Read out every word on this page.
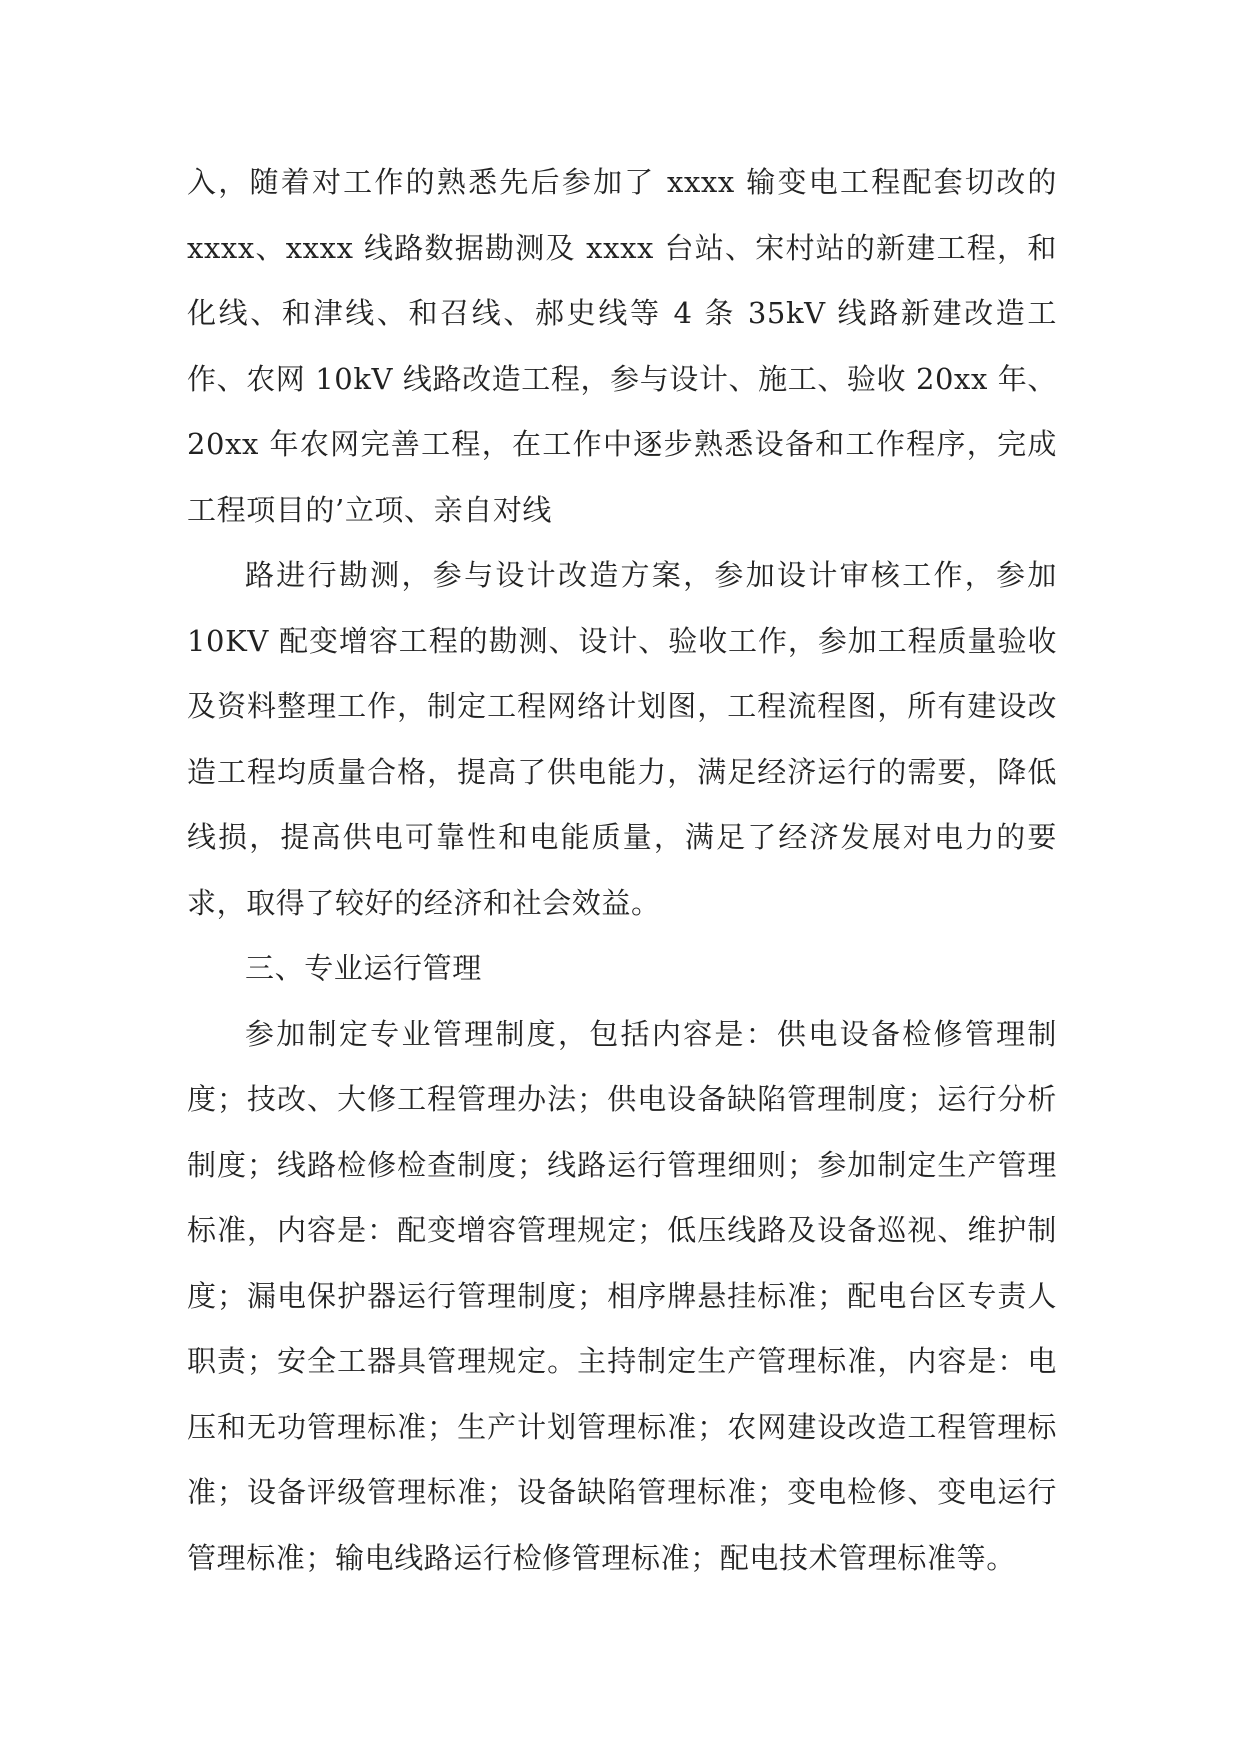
入，随着对工作的熟悉先后参加了 xxxx 输变电工程配套切改的 xxxx、xxxx 线路数据勘测及 xxxx 台站、宋村站的新建工程，和化线、和津线、和召线、郝史线等 4 条 35kV 线路新建改造工作、农网 10kV 线路改造工程，参与设计、施工、验收 20xx 年、20xx 年农网完善工程，在工作中逐步熟悉设备和工作程序，完成工程项目的’立项、亲自对线

路进行勘测，参与设计改造方案，参加设计审核工作，参加 10KV 配变增容工程的勘测、设计、验收工作，参加工程质量验收及资料整理工作，制定工程网络计划图，工程流程图，所有建设改造工程均质量合格，提高了供电能力，满足经济运行的需要，降低线损，提高供电可靠性和电能质量，满足了经济发展对电力的要求，取得了较好的经济和社会效益。

三、专业运行管理

参加制定专业管理制度，包括内容是：供电设备检修管理制度；技改、大修工程管理办法；供电设备缺陷管理制度；运行分析制度；线路检修检查制度；线路运行管理细则；参加制定生产管理标准，内容是：配变增容管理规定；低压线路及设备巡视、维护制度；漏电保护器运行管理制度；相序牌悬挂标准；配电台区专责人职责；安全工器具管理规定。主持制定生产管理标准，内容是：电压和无功管理标准；生产计划管理标准；农网建设改造工程管理标准；设备评级管理标准；设备缺陷管理标准；变电检修、变电运行管理标准；输电线路运行检修管理标准；配电技术管理标准等。
